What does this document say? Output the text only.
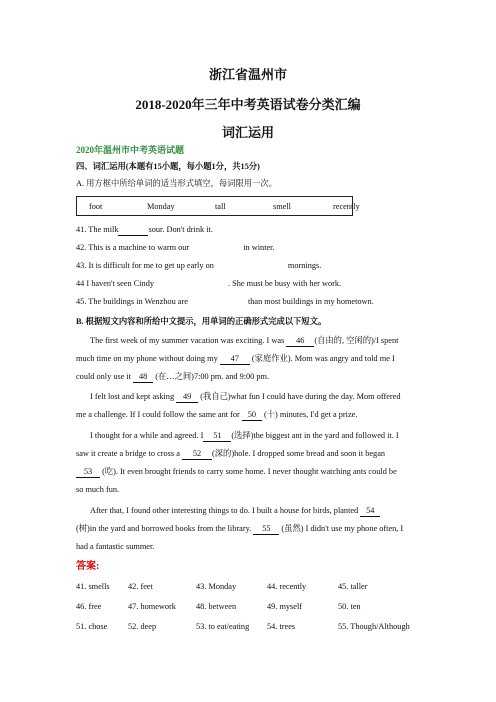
浙江省温州市
2018-2020年三年中考英语试卷分类汇编
词汇运用
2020年温州市中考英语试题
四、词汇运用(本题有15小题，每小题1分，共15分)
A. 用方框中所给单词的适当形式填空，每词限用一次。
foot	Monday	tall	smell	recently
41. The milk	sour. Don't drink it.
42. This is a machine to warm our	in winter.
43. It is difficult for me to get up early on	mornings.
44 I haven't seen Cindy	. She must be busy with her work.
45. The buildings in Wenzhou are	than most buildings in my hometown.
B. 根据短文内容和所给中文提示，用单词的正确形式完成以下短文。
The first week of my summer vacation was exciting. I was 46 (自由的, 空闲的)/I spent
much time on my phone without doing my 47 (家庭作业). Mom was angry and told me I
could only use it 48 (在…之间)7:00 pm. and 9:00 pm.
I felt lost and kept asking 49 (我自己)what fun I could have during the day. Mom offered
me a challenge. If I could follow the same ant for 50 (十) minutes, I'd get a prize.
I thought for a while and agreed. I 51 (选择)the biggest ant in the yard and followed it. I
saw it create a bridge to cross a 52 (深的)hole. I dropped some bread and soon it began
53 (吃). It even brought friends to carry some home. I never thought watching ants could be
so much fun.
After that, I found other interesting things to do. I built a house for birds, planted 54
(树)in the yard and borrowed books from the library. 55 (虽然) I didn't use my phone often, I
had a fantastic summer.
答案:
41. smells 42. feet	43. Monday	44. recently	45. taller
46. free	47. homework 48. between	49. myself	50. ten
51. chose 52. deep	53. to eat/eating 54. trees	55. Though/Although
